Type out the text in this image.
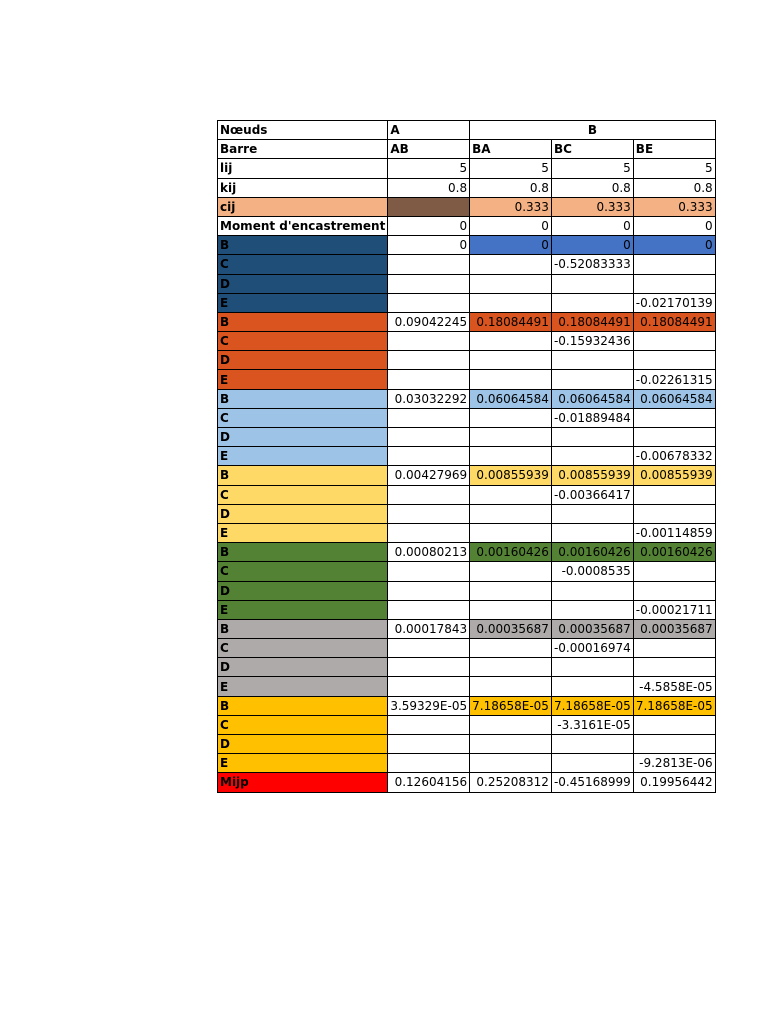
Nœuds	A	B		
Barre	AB	BA	BC	BE
lij	5	5	5	5
kij	0.8	0.8	0.8	0.8
cij		0.333	0.333	0.333
Moment d'encastrement	0	0	0	0
B	0	0	0	0
C			-0.52083333	
D				
E				-0.02170139
B	0.09042245	0.18084491	0.18084491	0.18084491
C			-0.15932436	
D				
E				-0.02261315
B	0.03032292	0.06064584	0.06064584	0.06064584
C			-0.01889484	
D				
E				-0.00678332
B	0.00427969	0.00855939	0.00855939	0.00855939
C			-0.00366417	
D				
E				-0.00114859
B	0.00080213	0.00160426	0.00160426	0.00160426
C			-0.0008535	
D				
E				-0.00021711
B	0.00017843	0.00035687	0.00035687	0.00035687
C			-0.00016974	
D				
E				-4.5858E-05
B	3.59329E-05	7.18658E-05	7.18658E-05	7.18658E-05
C			-3.3161E-05	
D				
E				-9.2813E-06
Mijp	0.12604156	0.25208312	-0.45168999	0.19956442
